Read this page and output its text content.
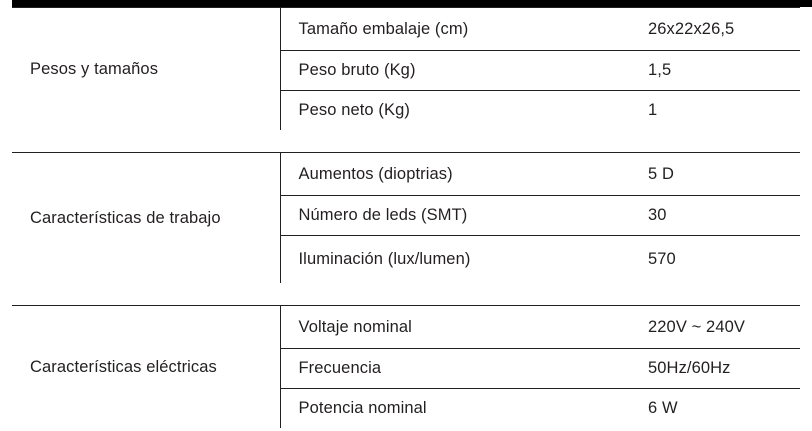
Pesos y tamaños	Tamaño embalaje (cm)	26x22x26,5
	Peso bruto (Kg)	1,5
	Peso neto (Kg)	1

Características de trabajo	Aumentos (dioptrias)	5 D
	Número de leds (SMT)	30
	Iluminación (lux/lumen)	570

Características eléctricas	Voltaje nominal	220V ~ 240V
	Frecuencia	50Hz/60Hz
	Potencia nominal	6 W
